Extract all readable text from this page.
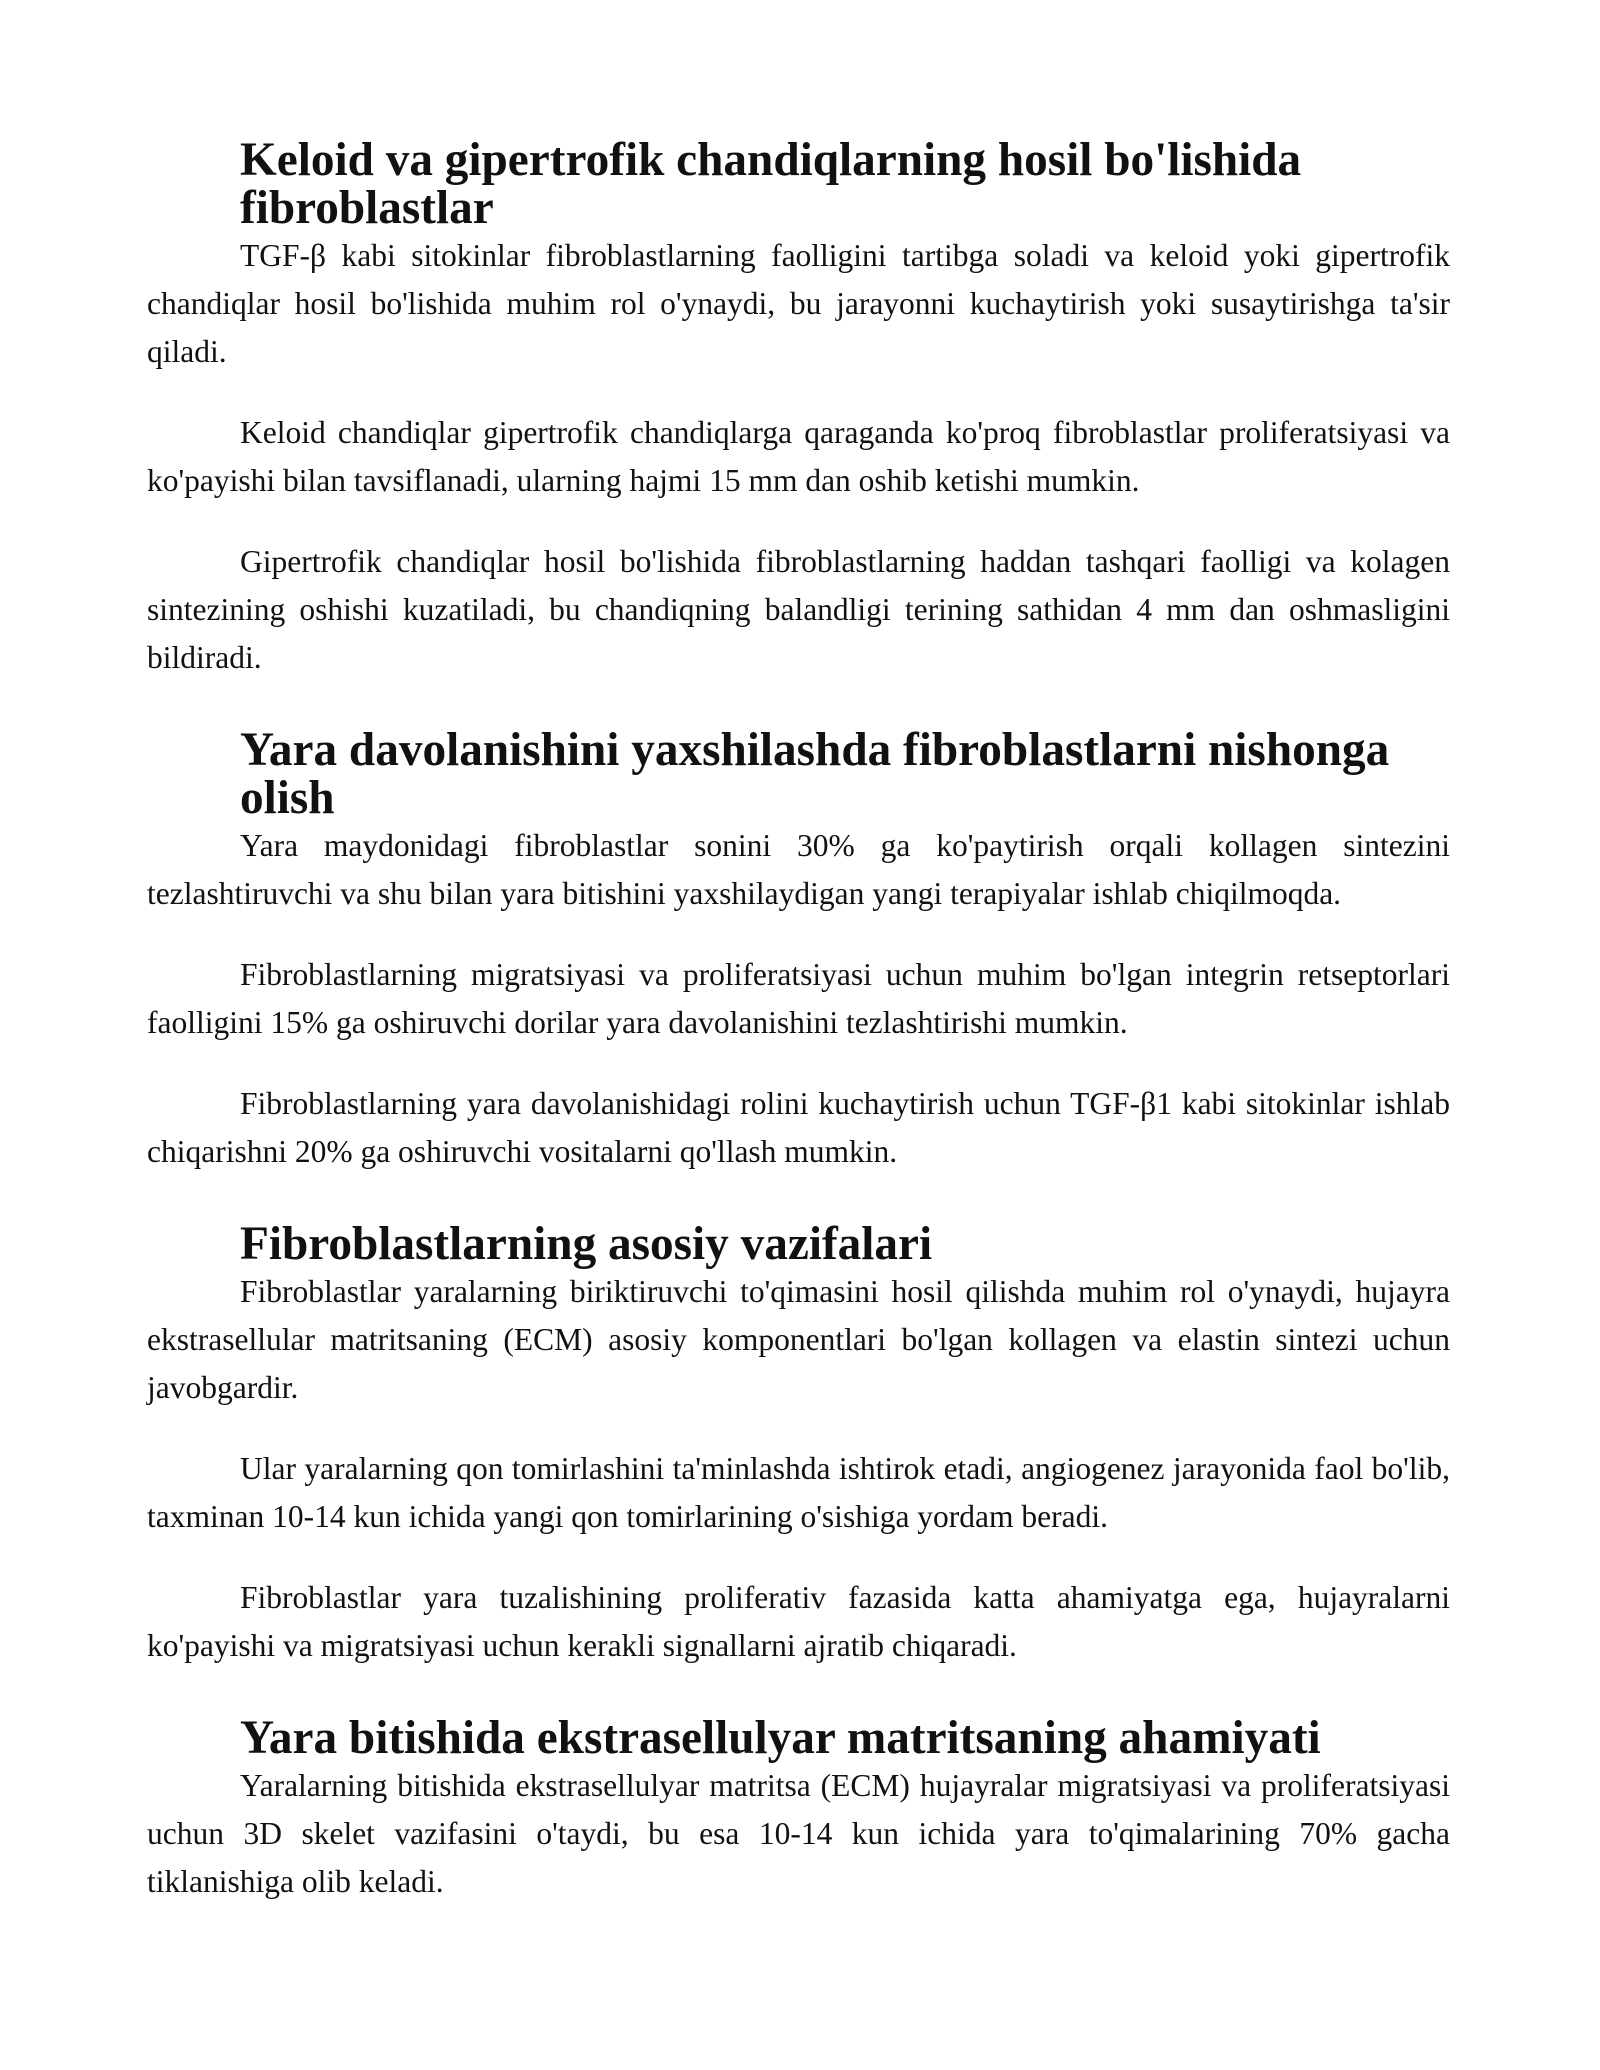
Keloid va gipertrofik chandiqlarning hosil bo'lishida fibroblastlar

TGF-β kabi sitokinlar fibroblastlarning faolligini tartibga soladi va keloid yoki gipertrofik chandiqlar hosil bo'lishida muhim rol o'ynaydi, bu jarayonni kuchaytirish yoki susaytirishga ta'sir qiladi.

Keloid chandiqlar gipertrofik chandiqlarga qaraganda ko'proq fibroblastlar proliferatsiyasi va ko'payishi bilan tavsiflanadi, ularning hajmi 15 mm dan oshib ketishi mumkin.

Gipertrofik chandiqlar hosil bo'lishida fibroblastlarning haddan tashqari faolligi va kolagen sintezining oshishi kuzatiladi, bu chandiqning balandligi terining sathidan 4 mm dan oshmasligini bildiradi.

Yara davolanishini yaxshilashda fibroblastlarni nishonga olish

Yara maydonidagi fibroblastlar sonini 30% ga ko'paytirish orqali kollagen sintezini tezlashtiruvchi va shu bilan yara bitishini yaxshilaydigan yangi terapiyalar ishlab chiqilmoqda.

Fibroblastlarning migratsiyasi va proliferatsiyasi uchun muhim bo'lgan integrin retseptorlari faolligini 15% ga oshiruvchi dorilar yara davolanishini tezlashtirishi mumkin.

Fibroblastlarning yara davolanishidagi rolini kuchaytirish uchun TGF-β1 kabi sitokinlar ishlab chiqarishni 20% ga oshiruvchi vositalarni qo'llash mumkin.

Fibroblastlarning asosiy vazifalari

Fibroblastlar yaralarning biriktiruvchi to'qimasini hosil qilishda muhim rol o'ynaydi, hujayra ekstrasellular matritsaning (ECM) asosiy komponentlari bo'lgan kollagen va elastin sintezi uchun javobgardir.

Ular yaralarning qon tomirlashini ta'minlashda ishtirok etadi, angiogenez jarayonida faol bo'lib, taxminan 10-14 kun ichida yangi qon tomirlarining o'sishiga yordam beradi.

Fibroblastlar yara tuzalishining proliferativ fazasida katta ahamiyatga ega, hujayralarni ko'payishi va migratsiyasi uchun kerakli signallarni ajratib chiqaradi.

Yara bitishida ekstrasellulyar matritsaning ahamiyati

Yaralarning bitishida ekstrasellulyar matritsa (ECM) hujayralar migratsiyasi va proliferatsiyasi uchun 3D skelet vazifasini o'taydi, bu esa 10-14 kun ichida yara to'qimalarining 70% gacha tiklanishiga olib keladi.
